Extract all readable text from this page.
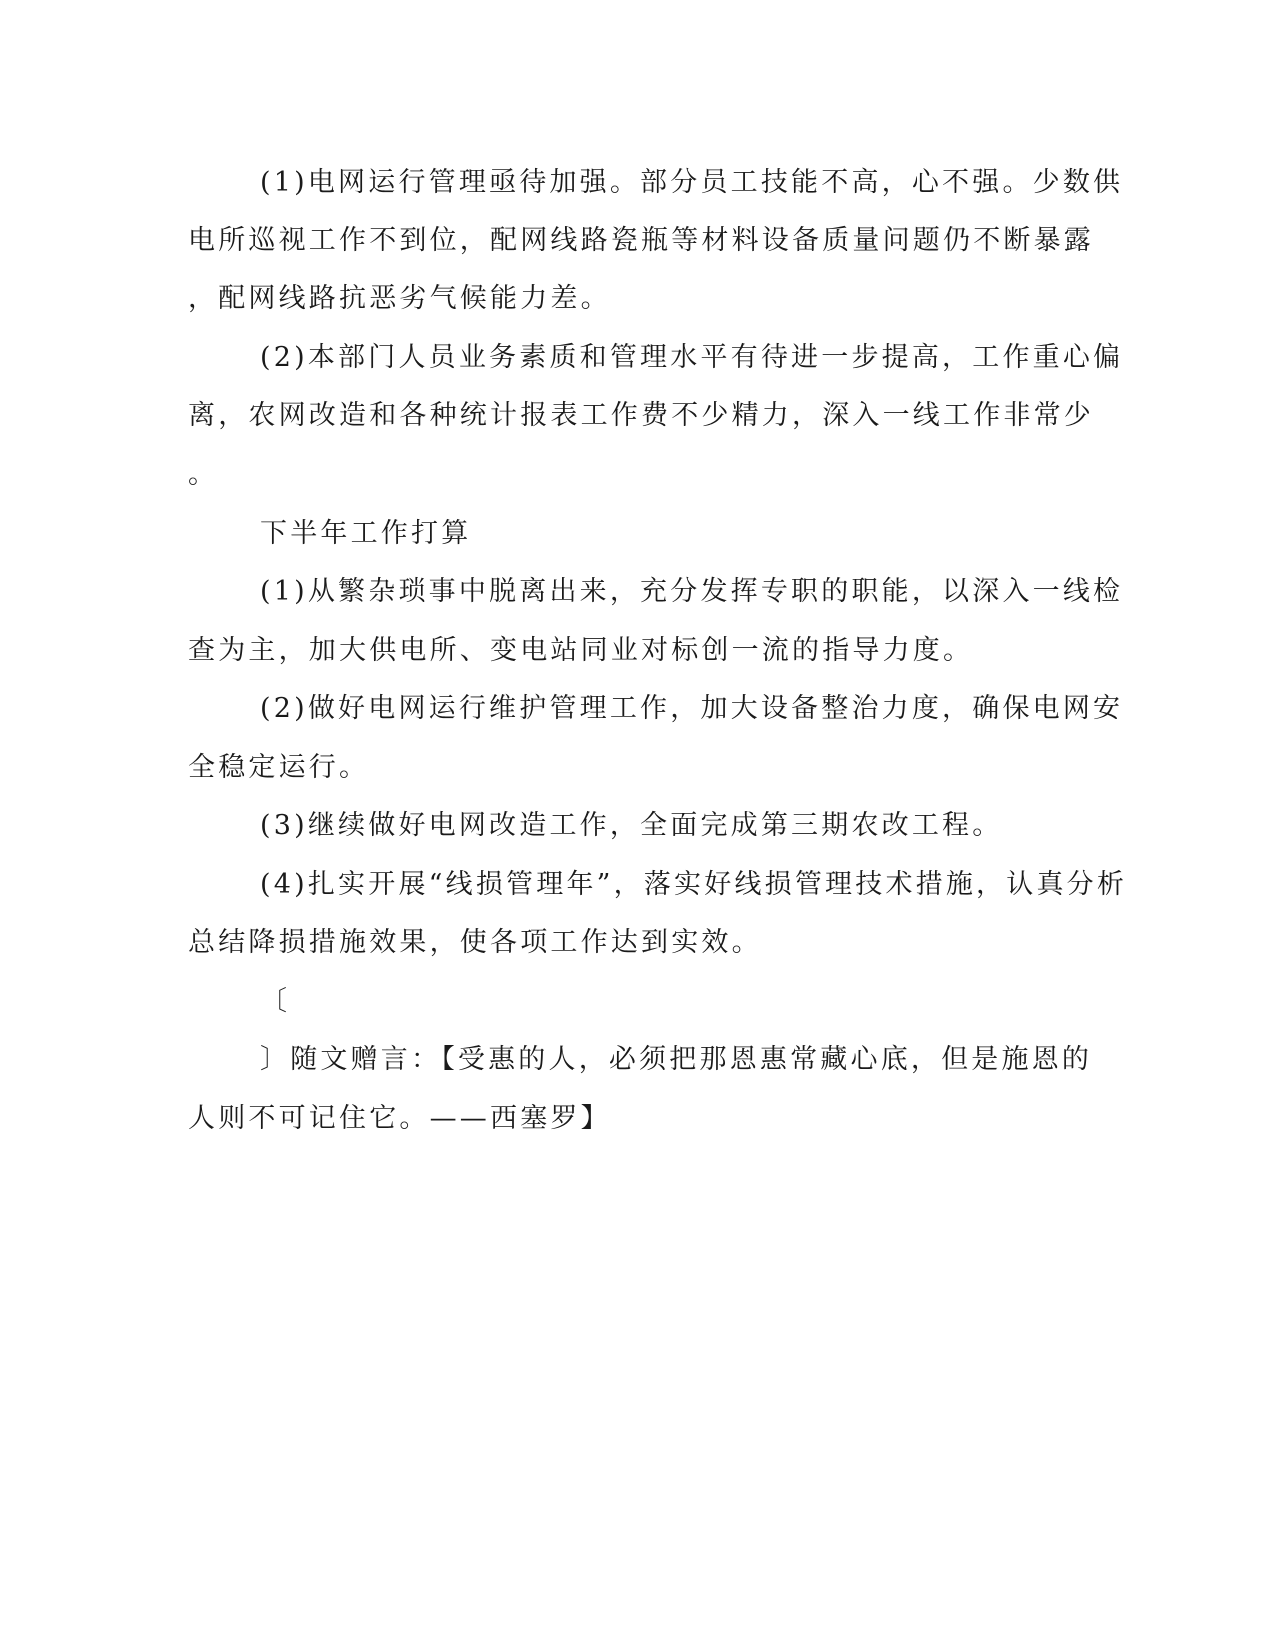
(1)电网运行管理亟待加强。部分员工技能不高，心不强。少数供
电所巡视工作不到位，配网线路瓷瓶等材料设备质量问题仍不断暴露
，配网线路抗恶劣气候能力差。
(2)本部门人员业务素质和管理水平有待进一步提高，工作重心偏
离，农网改造和各种统计报表工作费不少精力，深入一线工作非常少
。
下半年工作打算
(1)从繁杂琐事中脱离出来，充分发挥专职的职能，以深入一线检
查为主，加大供电所、变电站同业对标创一流的指导力度。
(2)做好电网运行维护管理工作，加大设备整治力度，确保电网安
全稳定运行。
(3)继续做好电网改造工作，全面完成第三期农改工程。
(4)扎实开展“线损管理年”，落实好线损管理技术措施，认真分析
总结降损措施效果，使各项工作达到实效。
〔
〕随文赠言：【受惠的人，必须把那恩惠常藏心底，但是施恩的
人则不可记住它。——西塞罗】
